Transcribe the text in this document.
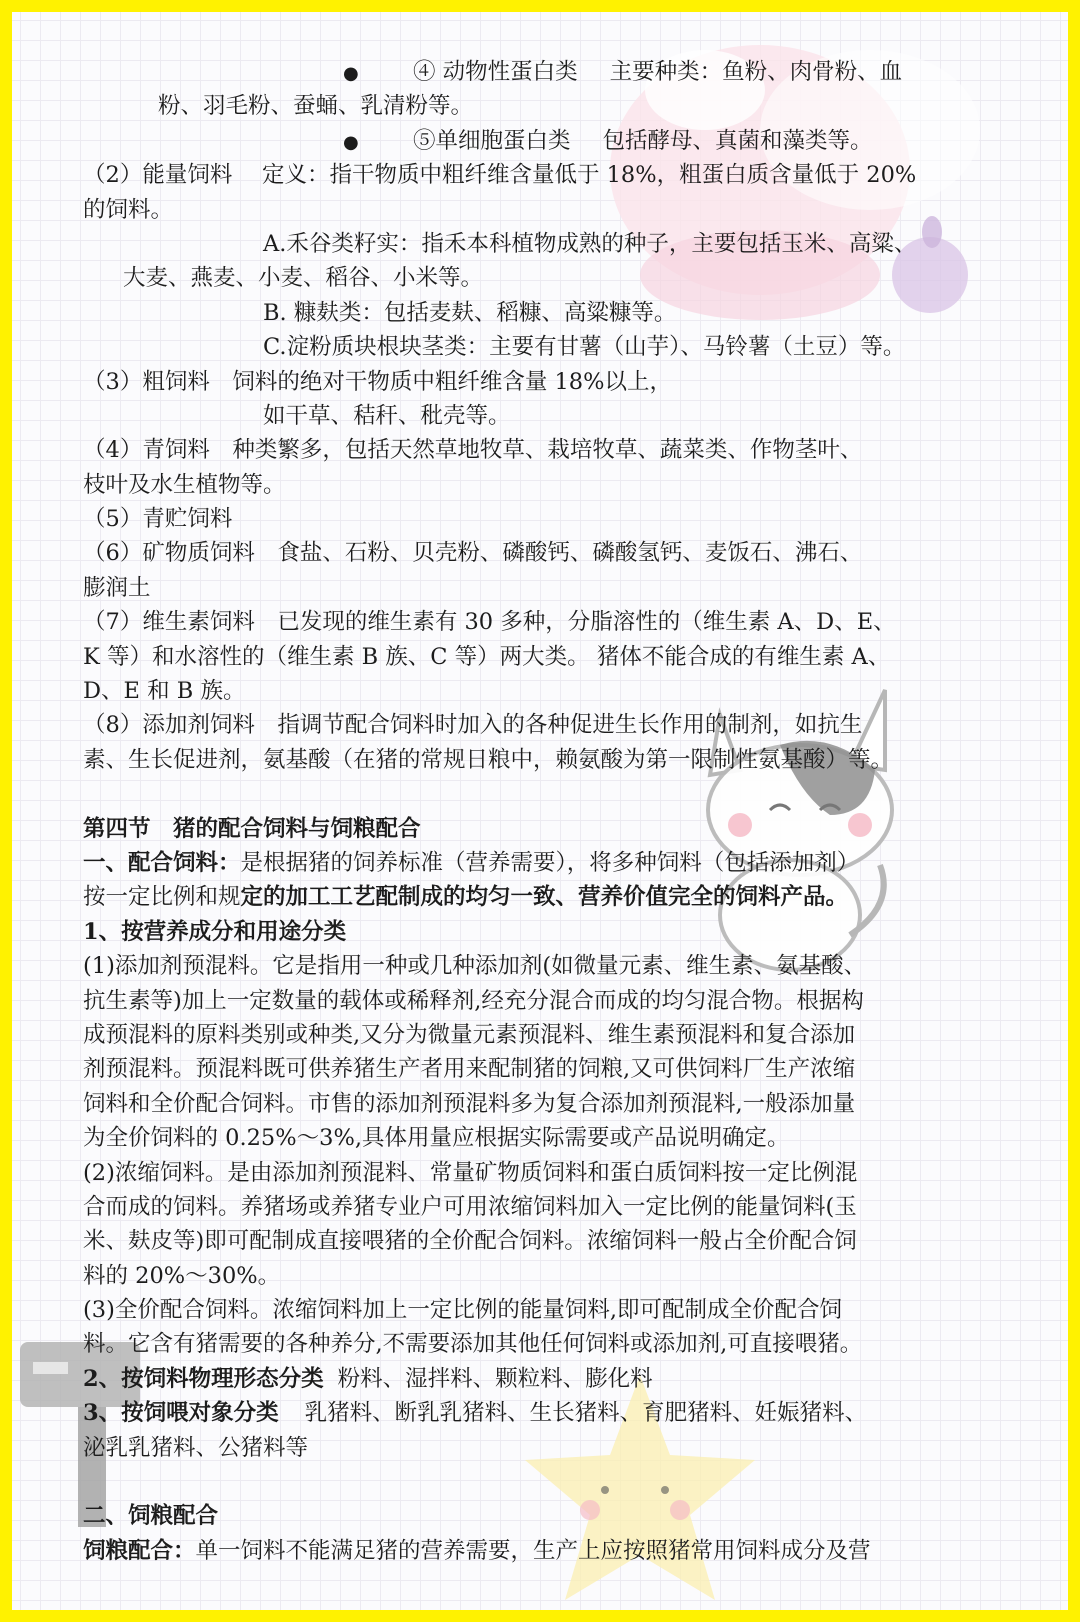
● ④ 动物性蛋白类 主要种类：鱼粉、肉骨粉、血
粉、羽毛粉、蚕蛹、乳清粉等。
● ⑤单细胞蛋白类 包括酵母、真菌和藻类等。
（2）能量饲料　 定义：指干物质中粗纤维含量低于 18%，粗蛋白质含量低于 20%
的饲料。
A.禾谷类籽实：指禾本科植物成熟的种子，主要包括玉米、高粱、
大麦、燕麦、小麦、稻谷、小米等。
B. 糠麸类：包括麦麸、稻糠、高粱糠等。
C.淀粉质块根块茎类：主要有甘薯（山芋）、马铃薯（土豆）等。
（3）粗饲料　饲料的绝对干物质中粗纤维含量 18%以上，
如干草、秸秆、秕壳等。
（4）青饲料　种类繁多，包括天然草地牧草、栽培牧草、蔬菜类、作物茎叶、
枝叶及水生植物等。
（5）青贮饲料
（6）矿物质饲料　食盐、石粉、贝壳粉、磷酸钙、磷酸氢钙、麦饭石、沸石、
膨润土
（7）维生素饲料　已发现的维生素有 30 多种，分脂溶性的（维生素 A、D、E、
K 等）和水溶性的（维生素 B 族、C 等）两大类。 猪体不能合成的有维生素 A、
D、E 和 B 族。
（8）添加剂饲料　指调节配合饲料时加入的各种促进生长作用的制剂，如抗生
素、生长促进剂，氨基酸（在猪的常规日粮中，赖氨酸为第一限制性氨基酸）等。
第四节　猪的配合饲料与饲粮配合
一、配合饲料：是根据猪的饲养标准（营养需要），将多种饲料（包括添加剂）
按一定比例和规定的加工工艺配制成的均匀一致、营养价值完全的饲料产品。
1、按营养成分和用途分类
(1)添加剂预混料。它是指用一种或几种添加剂(如微量元素、维生素、氨基酸、
抗生素等)加上一定数量的载体或稀释剂,经充分混合而成的均匀混合物。根据构
成预混料的原料类别或种类,又分为微量元素预混料、维生素预混料和复合添加
剂预混料。预混料既可供养猪生产者用来配制猪的饲粮,又可供饲料厂生产浓缩
饲料和全价配合饲料。市售的添加剂预混料多为复合添加剂预混料,一般添加量
为全价饲料的 0.25%～3%,具体用量应根据实际需要或产品说明确定。
(2)浓缩饲料。是由添加剂预混料、常量矿物质饲料和蛋白质饲料按一定比例混
合而成的饲料。养猪场或养猪专业户可用浓缩饲料加入一定比例的能量饲料(玉
米、麸皮等)即可配制成直接喂猪的全价配合饲料。浓缩饲料一般占全价配合饲
料的 20%～30%。
(3)全价配合饲料。浓缩饲料加上一定比例的能量饲料,即可配制成全价配合饲
料。它含有猪需要的各种养分,不需要添加其他任何饲料或添加剂,可直接喂猪。
2、按饲料物理形态分类 粉料、湿拌料、颗粒料、膨化料
3、按饲喂对象分类 乳猪料、断乳乳猪料、生长猪料、育肥猪料、妊娠猪料、
泌乳乳猪料、公猪料等
二、饲粮配合
饲粮配合：单一饲料不能满足猪的营养需要，生产上应按照猪常用饲料成分及营
